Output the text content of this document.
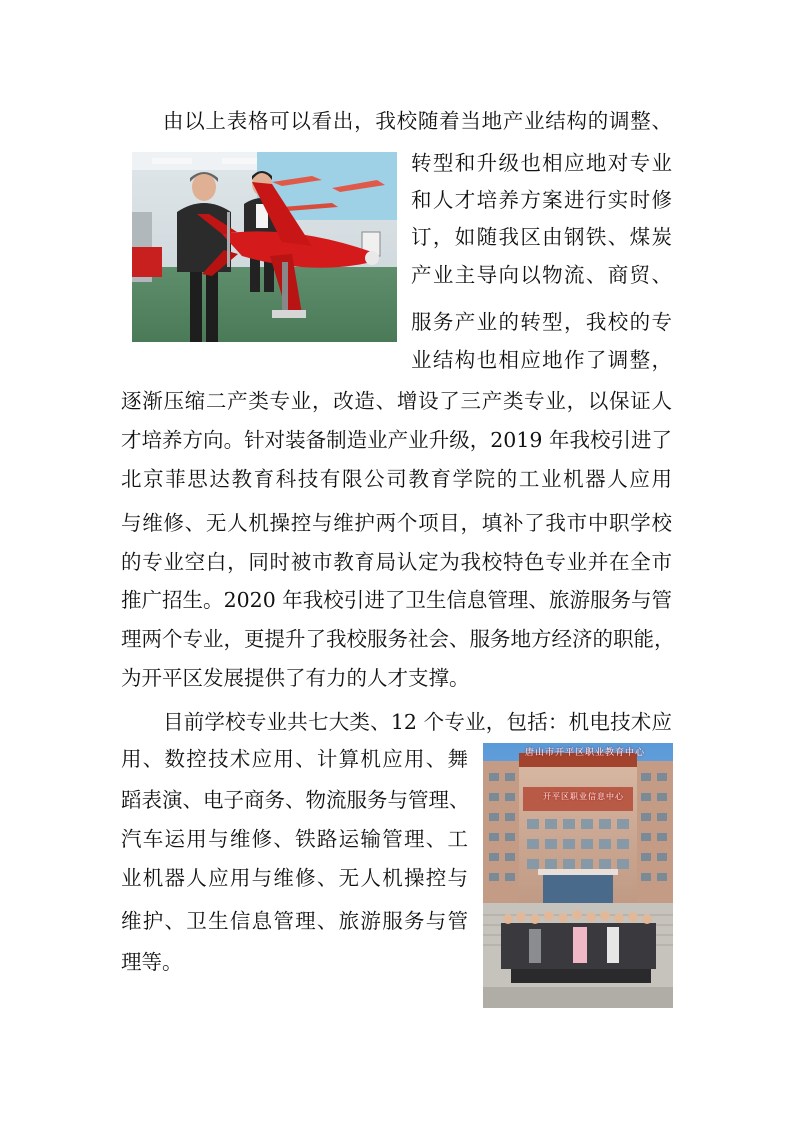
由以上表格可以看出，我校随着当地产业结构的调整、
转型和升级也相应地对专业
和人才培养方案进行实时修
订，如随我区由钢铁、煤炭
产业主导向以物流、商贸、
服务产业的转型，我校的专
业结构也相应地作了调整，
逐渐压缩二产类专业，改造、增设了三产类专业，以保证人
才培养方向。针对装备制造业产业升级，2019 年我校引进了
北京菲思达教育科技有限公司教育学院的工业机器人应用
与维修、无人机操控与维护两个项目，填补了我市中职学校
的专业空白，同时被市教育局认定为我校特色专业并在全市
推广招生。2020 年我校引进了卫生信息管理、旅游服务与管
理两个专业，更提升了我校服务社会、服务地方经济的职能，
为开平区发展提供了有力的人才支撑。
目前学校专业共七大类、12 个专业，包括：机电技术应
用、数控技术应用、计算机应用、舞
蹈表演、电子商务、物流服务与管理、
汽车运用与维修、铁路运输管理、工
业机器人应用与维修、无人机操控与
维护、卫生信息管理、旅游服务与管
理等。
唐山市开平区职业教育中心
开平区职业信息中心
